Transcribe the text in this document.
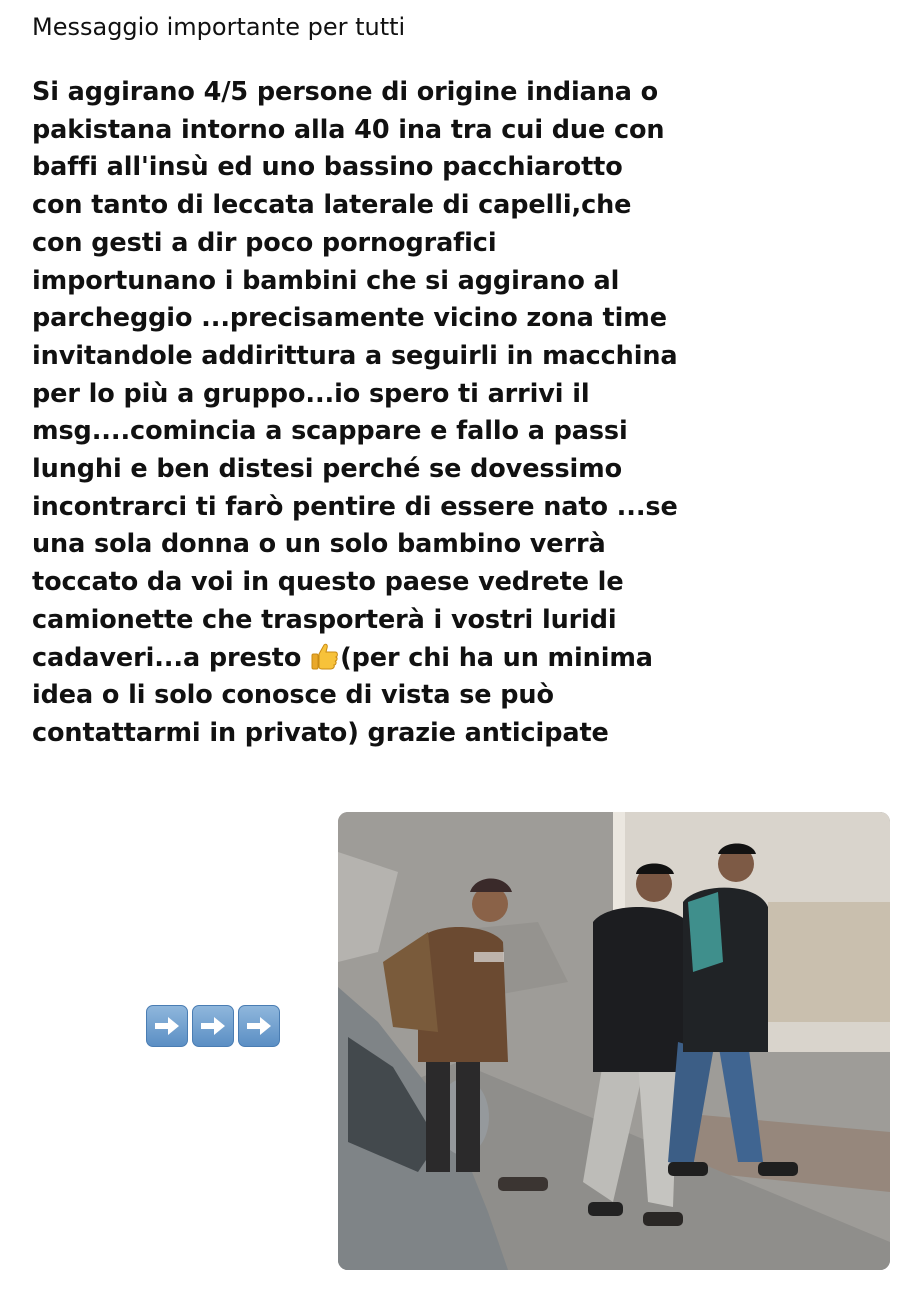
Messaggio importante per tutti

Si aggirano 4/5 persone di origine indiana o
pakistana intorno alla 40 ina tra cui due con
baffi all'insù ed uno bassino pacchiarotto
con tanto di leccata laterale di capelli,che
con gesti a dir poco pornografici
importunano i bambini che si aggirano al
parcheggio ...precisamente vicino zona time
invitandole addirittura a seguirli in macchina
per lo più a gruppo...io spero ti arrivi il
msg....comincia a scappare e fallo a passi
lunghi e ben distesi perché se dovessimo
incontrarci ti farò pentire di essere nato ...se
una sola donna o un solo bambino verrà
toccato da voi in questo paese vedrete le
camionette che trasporterà i vostri luridi
cadaveri...a presto (per chi ha un minima
idea o li solo conosce di vista se può
contattarmi in privato) grazie anticipate
